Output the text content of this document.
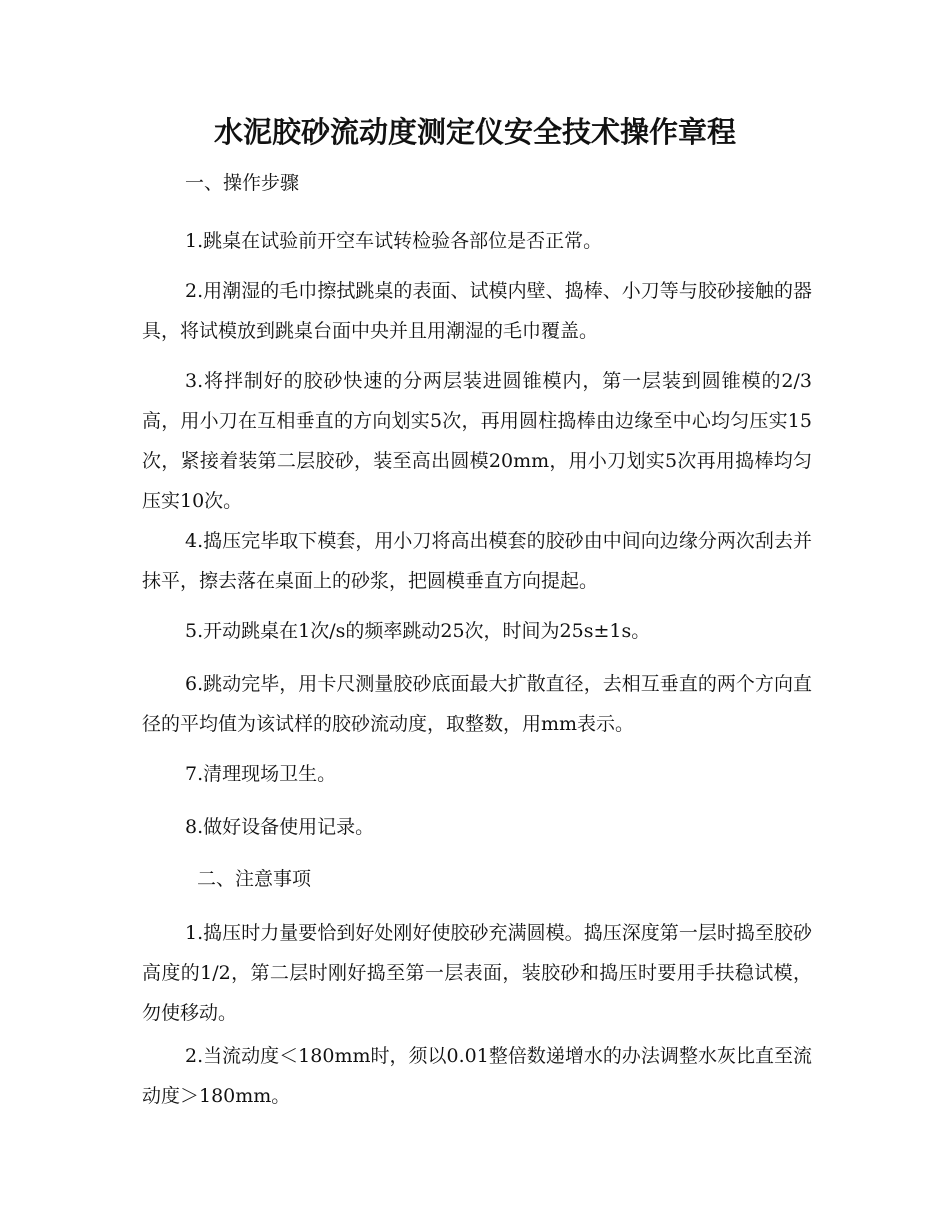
水泥胶砂流动度测定仪安全技术操作章程
一、操作步骤

1.跳桌在试验前开空车试转检验各部位是否正常。

2.用潮湿的毛巾擦拭跳桌的表面、试模内壁、捣棒、小刀等与胶砂接触的器具，将试模放到跳桌台面中央并且用潮湿的毛巾覆盖。

3.将拌制好的胶砂快速的分两层装进圆锥模内，第一层装到圆锥模的2/3高，用小刀在互相垂直的方向划实5次，再用圆柱捣棒由边缘至中心均匀压实15次，紧接着装第二层胶砂，装至高出圆模20mm，用小刀划实5次再用捣棒均匀压实10次。

4.捣压完毕取下模套，用小刀将高出模套的胶砂由中间向边缘分两次刮去并抹平，擦去落在桌面上的砂浆，把圆模垂直方向提起。

5.开动跳桌在1次/s的频率跳动25次，时间为25s±1s。

6.跳动完毕，用卡尺测量胶砂底面最大扩散直径，去相互垂直的两个方向直径的平均值为该试样的胶砂流动度，取整数，用mm表示。

7.清理现场卫生。

8.做好设备使用记录。

二、注意事项

1.捣压时力量要恰到好处刚好使胶砂充满圆模。捣压深度第一层时捣至胶砂高度的1/2，第二层时刚好捣至第一层表面，装胶砂和捣压时要用手扶稳试模，勿使移动。

2.当流动度＜180mm时，须以0.01整倍数递增水的办法调整水灰比直至流动度＞180mm。
